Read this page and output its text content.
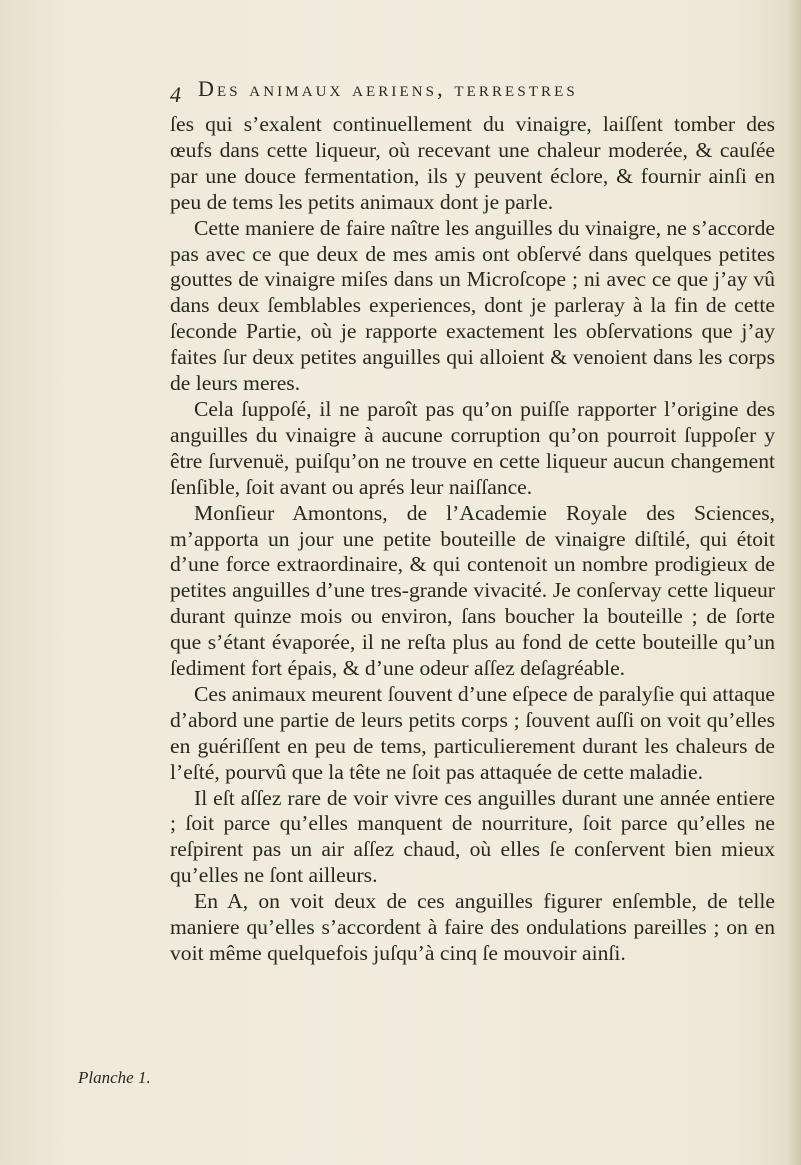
4 Des animaux aeriens, terrestres

ſes qui s’exalent continuellement du vinaigre, laiſſent tomber des œufs dans cette liqueur, où recevant une chaleur moderée, & cauſée par une douce fermentation, ils y peuvent éclore, & fournir ainſi en peu de tems les petits animaux dont je parle.

Cette maniere de faire naître les anguilles du vinaigre, ne s’accorde pas avec ce que deux de mes amis ont obſervé dans quelques petites gouttes de vinaigre miſes dans un Microſcope ; ni avec ce que j’ay vû dans deux ſemblables experiences, dont je parleray à la fin de cette ſeconde Partie, où je rapporte exactement les obſervations que j’ay faites ſur deux petites anguilles qui alloient & venoient dans les corps de leurs meres.

Cela ſuppoſé, il ne paroît pas qu’on puiſſe rapporter l’origine des anguilles du vinaigre à aucune corruption qu’on pourroit ſuppoſer y être ſurvenuë, puiſqu’on ne trouve en cette liqueur aucun changement ſenſible, ſoit avant ou aprés leur naiſſance.

Monſieur Amontons, de l’Academie Royale des Sciences, m’apporta un jour une petite bouteille de vinaigre diſtilé, qui étoit d’une force extraordinaire, & qui contenoit un nombre prodigieux de petites anguilles d’une tres-grande vivacité. Je conſervay cette liqueur durant quinze mois ou environ, ſans boucher la bouteille ; de ſorte que s’étant évaporée, il ne reſta plus au fond de cette bouteille qu’un ſediment fort épais, & d’une odeur aſſez deſagréable.

Ces animaux meurent ſouvent d’une eſpece de paralyſie qui attaque d’abord une partie de leurs petits corps ; ſouvent auſſi on voit qu’elles en guériſſent en peu de tems, particulierement durant les chaleurs de l’eſté, pourvû que la tête ne ſoit pas attaquée de cette maladie.

Il eſt aſſez rare de voir vivre ces anguilles durant une année entiere ; ſoit parce qu’elles manquent de nourriture, ſoit parce qu’elles ne reſpirent pas un air aſſez chaud, où elles ſe conſervent bien mieux qu’elles ne ſont ailleurs.

En A, on voit deux de ces anguilles figurer enſemble, de telle maniere qu’elles s’accordent à faire des ondulations pareilles ; on en voit même quelquefois juſqu’à cinq ſe mouvoir ainſi.

Planche 1.
